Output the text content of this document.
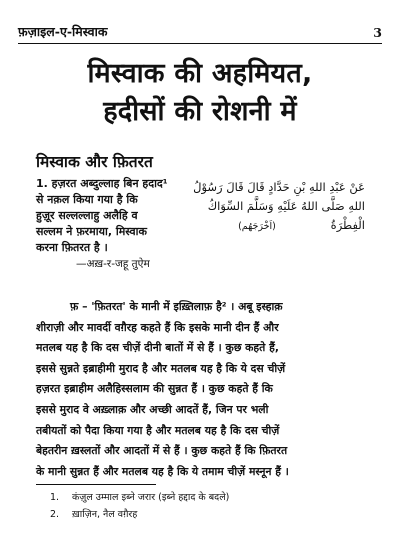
फ़ज़ाइल-ए-मिस्वाक	3
मिस्वाक की अहमियत,
हदीसों की रोशनी में
मिस्वाक और फ़ितरत
1. हज़रत अब्दुल्लाह बिन हदाद¹
से नक़ल किया गया है कि
हुज़ूर सल्लल्लाहु अलैहि व
सल्लम ने फ़रमाया, मिस्वाक
करना फ़ितरत है ।
—अख़-र-जहू तुऐम
عَنْ عَبْدِ اللهِ بْنِ حَدَّادٍ قَالَ قَالَ رَسُوْلُ
اللهِ صَلَّى اللهُ عَلَيْهِ وَسَلَّمَ السِّوَاكُ
الْفِطْرَةُ               (اَخْرَجَهُم)
फ़ – 'फ़ितरत' के मानी में इख़्तिलाफ़ है² । अबू इस्हाक़
शीराज़ी और मावर्दी वग़ैरह कहते हैं कि इसके मानी दीन हैं और
मतलब यह है कि दस चीज़ें दीनी बातों में से हैं । कुछ कहते हैं,
इससे सुन्नते इब्राहीमी मुराद है और मतलब यह है कि ये दस चीज़ें
हज़रत इब्राहीम अलैहिस्सलाम की सुन्नत हैं । कुछ कहते हैं कि
इससे मुराद वे अख़्लाक़ और अच्छी आदतें हैं, जिन पर भली
तबीयतों को पैदा किया गया है और मतलब यह है कि दस चीज़ें
बेहतरीन ख़स्लतों और आदतों में से हैं । कुछ कहते हैं कि फ़ितरत
के मानी सुन्नत हैं और मतलब यह है कि ये तमाम चीज़ें मस्नून हैं ।
1.	कंज़ुल उम्माल इब्ने जरार (इब्ने हद्दाद के बदले)
2.	ख़ाज़िन, नैल वग़ैरह
